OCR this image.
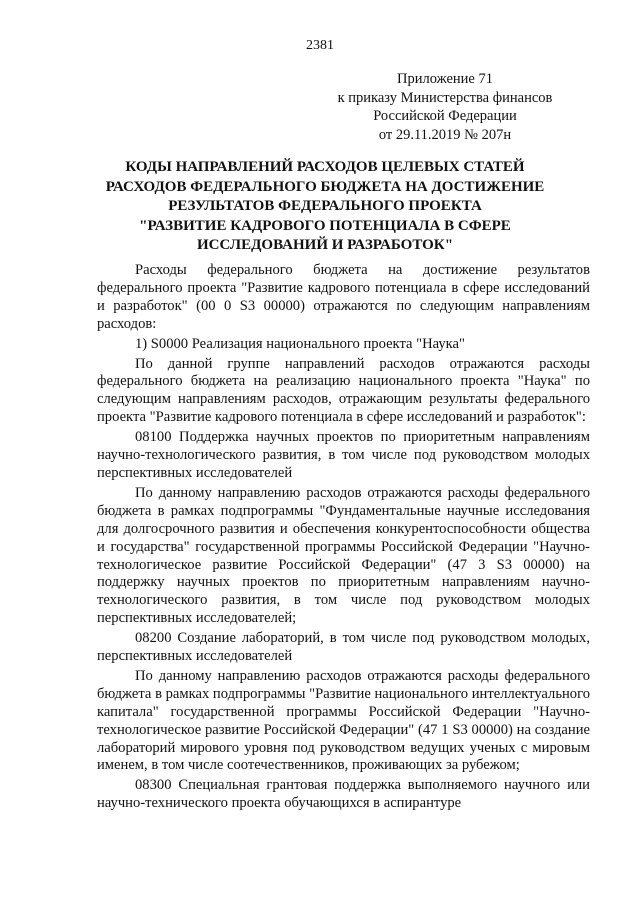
2381
Приложение 71
к приказу Министерства финансов
Российской Федерации
от 29.11.2019 № 207н
КОДЫ НАПРАВЛЕНИЙ РАСХОДОВ ЦЕЛЕВЫХ СТАТЕЙ
РАСХОДОВ ФЕДЕРАЛЬНОГО БЮДЖЕТА НА ДОСТИЖЕНИЕ
РЕЗУЛЬТАТОВ ФЕДЕРАЛЬНОГО ПРОЕКТА
"РАЗВИТИЕ КАДРОВОГО ПОТЕНЦИАЛА В СФЕРЕ
ИССЛЕДОВАНИЙ И РАЗРАБОТОК"

Расходы федерального бюджета на достижение результатов федерального проекта "Развитие кадрового потенциала в сфере исследований и разработок" (00 0 S3 00000) отражаются по следующим направлениям расходов:

1) S0000 Реализация национального проекта "Наука"

По данной группе направлений расходов отражаются расходы федерального бюджета на реализацию национального проекта "Наука" по следующим направлениям расходов, отражающим результаты федерального проекта "Развитие кадрового потенциала в сфере исследований и разработок":

08100 Поддержка научных проектов по приоритетным направлениям научно-технологического развития, в том числе под руководством молодых перспективных исследователей

По данному направлению расходов отражаются расходы федерального бюджета в рамках подпрограммы "Фундаментальные научные исследования для долгосрочного развития и обеспечения конкурентоспособности общества и государства" государственной программы Российской Федерации "Научно-технологическое развитие Российской Федерации" (47 3 S3 00000) на поддержку научных проектов по приоритетным направлениям научно-технологического развития, в том числе под руководством молодых перспективных исследователей;

08200 Создание лабораторий, в том числе под руководством молодых, перспективных исследователей

По данному направлению расходов отражаются расходы федерального бюджета в рамках подпрограммы "Развитие национального интеллектуального капитала" государственной программы Российской Федерации "Научно-технологическое развитие Российской Федерации" (47 1 S3 00000) на создание лабораторий мирового уровня под руководством ведущих ученых с мировым именем, в том числе соотечественников, проживающих за рубежом;

08300 Специальная грантовая поддержка выполняемого научного или научно-технического проекта обучающихся в аспирантуре
